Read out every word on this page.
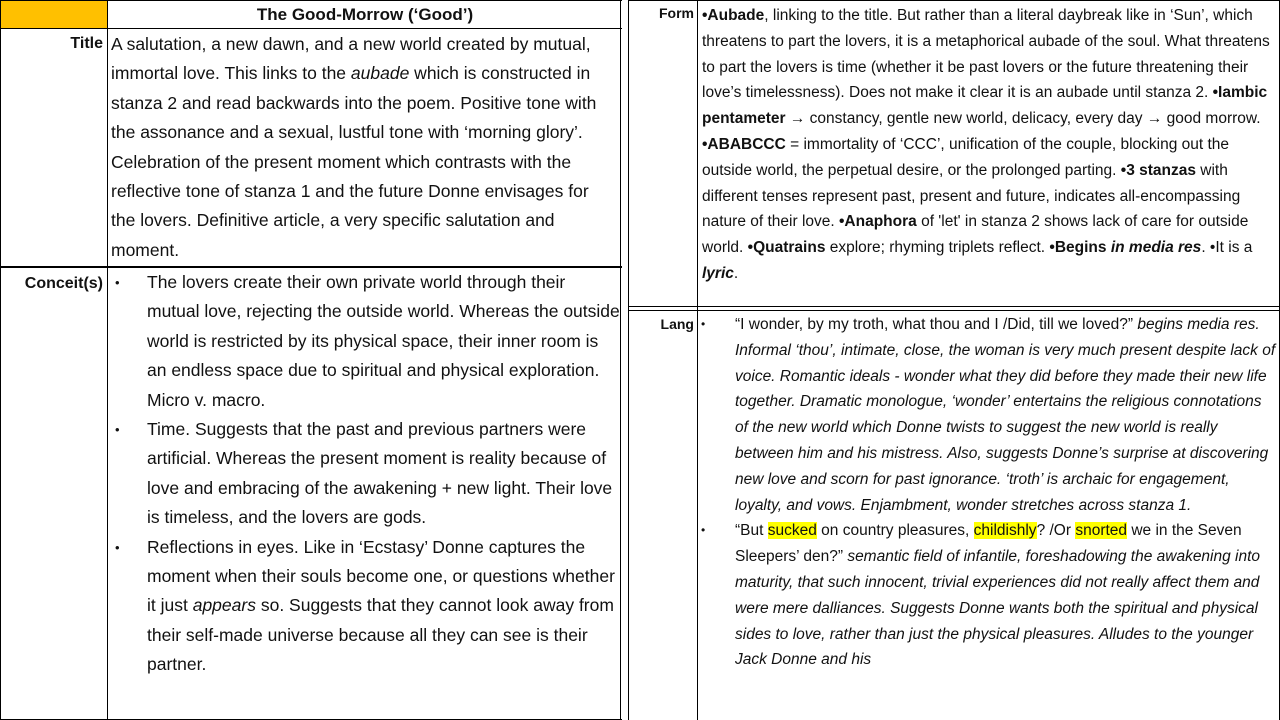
The Good-Morrow (‘Good’)
Title A salutation, a new dawn, and a new world created by mutual, immortal love. This links to the aubade which is constructed in stanza 2 and read backwards into the poem. Positive tone with the assonance and a sexual, lustful tone with ‘morning glory’. Celebration of the present moment which contrasts with the reflective tone of stanza 1 and the future Donne envisages for the lovers. Definitive article, a very specific salutation and moment.
Conceit(s) • The lovers create their own private world through their mutual love, rejecting the outside world. Whereas the outside world is restricted by its physical space, their inner room is an endless space due to spiritual and physical exploration. Micro v. macro.
• Time. Suggests that the past and previous partners were artificial. Whereas the present moment is reality because of love and embracing of the awakening + new light. Their love is timeless, and the lovers are gods.
• Reflections in eyes. Like in ‘Ecstasy’ Donne captures the moment when their souls become one, or questions whether it just appears so. Suggests that they cannot look away from their self-made universe because all they can see is their partner.
Form •Aubade, linking to the title. But rather than a literal daybreak like in ‘Sun’, which threatens to part the lovers, it is a metaphorical aubade of the soul. What threatens to part the lovers is time (whether it be past lovers or the future threatening their love’s timelessness). Does not make it clear it is an aubade until stanza 2. •Iambic pentameter → constancy, gentle new world, delicacy, every day → good morrow. •ABABCCC = immortality of ‘CCC’, unification of the couple, blocking out the outside world, the perpetual desire, or the prolonged parting. •3 stanzas with different tenses represent past, present and future, indicates all-encompassing nature of their love. •Anaphora of 'let' in stanza 2 shows lack of care for outside world. •Quatrains explore; rhyming triplets reflect. •Begins in media res. •It is a lyric.
Lang • “I wonder, by my troth, what thou and I /Did, till we loved?” begins media res. Informal ‘thou’, intimate, close, the woman is very much present despite lack of voice. Romantic ideals - wonder what they did before they made their new life together. Dramatic monologue, ‘wonder’ entertains the religious connotations of the new world which Donne twists to suggest the new world is really between him and his mistress. Also, suggests Donne’s surprise at discovering new love and scorn for past ignorance. ‘troth’ is archaic for engagement, loyalty, and vows. Enjambment, wonder stretches across stanza 1.
• “But sucked on country pleasures, childishly? /Or snorted we in the Seven Sleepers’ den?” semantic field of infantile, foreshadowing the awakening into maturity, that such innocent, trivial experiences did not really affect them and were mere dalliances. Suggests Donne wants both the spiritual and physical sides to love, rather than just the physical pleasures. Alludes to the younger Jack Donne and his
